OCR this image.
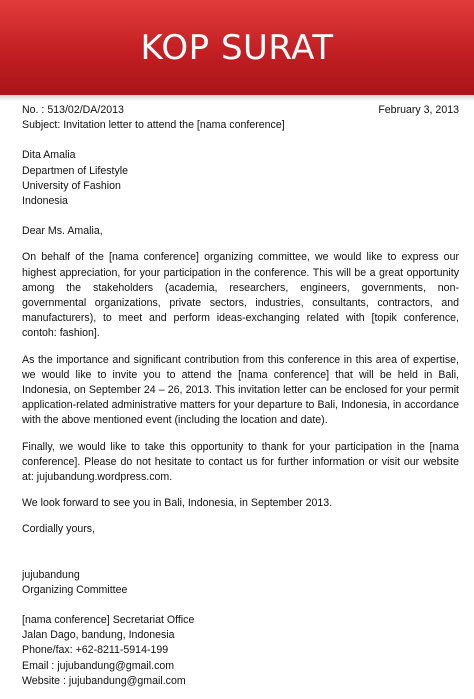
KOP SURAT
No. : 513/02/DA/2013	February 3, 2013
Subject: Invitation letter to attend the [nama conference]
Dita Amalia
Departmen of Lifestyle
University of Fashion
Indonesia
Dear Ms. Amalia,
On behalf of the [nama conference] organizing committee, we would like to express our highest appreciation, for your participation in the conference. This will be a great opportunity among the stakeholders (academia, researchers, engineers, governments, non-governmental organizations, private sectors, industries, consultants, contractors, and manufacturers), to meet and perform ideas-exchanging related with [topik conference, contoh: fashion].
As the importance and significant contribution from this conference in this area of expertise, we would like to invite you to attend the [nama conference] that will be held in Bali, Indonesia, on September 24 – 26, 2013. This invitation letter can be enclosed for your permit application-related administrative matters for your departure to Bali, Indonesia, in accordance with the above mentioned event (including the location and date).
Finally, we would like to take this opportunity to thank for your participation in the [nama conference]. Please do not hesitate to contact us for further information or visit our website at: jujubandung.wordpress.com.
We look forward to see you in Bali, Indonesia, in September 2013.
Cordially yours,
jujubandung
Organizing Committee
[nama conference] Secretariat Office
Jalan Dago, bandung, Indonesia
Phone/fax: +62-8211-5914-199
Email : jujubandung@gmail.com
Website : jujubandung@gmail.com
